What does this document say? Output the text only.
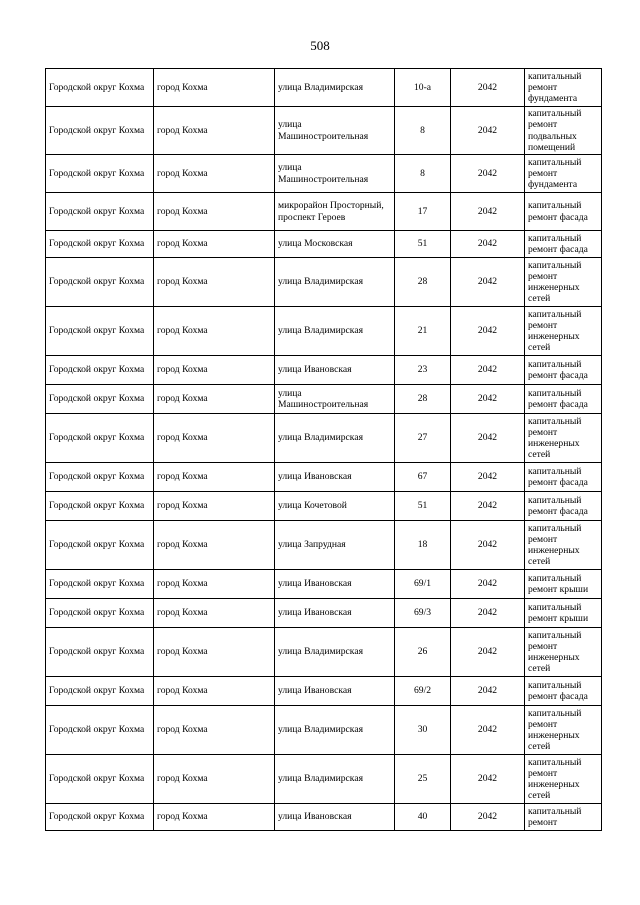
508
Городской округ Кохма	город Кохма	улица Владимирская	10-а	2042	капитальный ремонт фундамента
Городской округ Кохма	город Кохма	улица Машиностроительная	8	2042	капитальный ремонт подвальных помещений
Городской округ Кохма	город Кохма	улица Машиностроительная	8	2042	капитальный ремонт фундамента
Городской округ Кохма	город Кохма	микрорайон Просторный, проспект Героев	17	2042	капитальный ремонт фасада
Городской округ Кохма	город Кохма	улица Московская	51	2042	капитальный ремонт фасада
Городской округ Кохма	город Кохма	улица Владимирская	28	2042	капитальный ремонт инженерных сетей
Городской округ Кохма	город Кохма	улица Владимирская	21	2042	капитальный ремонт инженерных сетей
Городской округ Кохма	город Кохма	улица Ивановская	23	2042	капитальный ремонт фасада
Городской округ Кохма	город Кохма	улица Машиностроительная	28	2042	капитальный ремонт фасада
Городской округ Кохма	город Кохма	улица Владимирская	27	2042	капитальный ремонт инженерных сетей
Городской округ Кохма	город Кохма	улица Ивановская	67	2042	капитальный ремонт фасада
Городской округ Кохма	город Кохма	улица Кочетовой	51	2042	капитальный ремонт фасада
Городской округ Кохма	город Кохма	улица Запрудная	18	2042	капитальный ремонт инженерных сетей
Городской округ Кохма	город Кохма	улица Ивановская	69/1	2042	капитальный ремонт крыши
Городской округ Кохма	город Кохма	улица Ивановская	69/3	2042	капитальный ремонт крыши
Городской округ Кохма	город Кохма	улица Владимирская	26	2042	капитальный ремонт инженерных сетей
Городской округ Кохма	город Кохма	улица Ивановская	69/2	2042	капитальный ремонт фасада
Городской округ Кохма	город Кохма	улица Владимирская	30	2042	капитальный ремонт инженерных сетей
Городской округ Кохма	город Кохма	улица Владимирская	25	2042	капитальный ремонт инженерных сетей
Городской округ Кохма	город Кохма	улица Ивановская	40	2042	капитальный ремонт
